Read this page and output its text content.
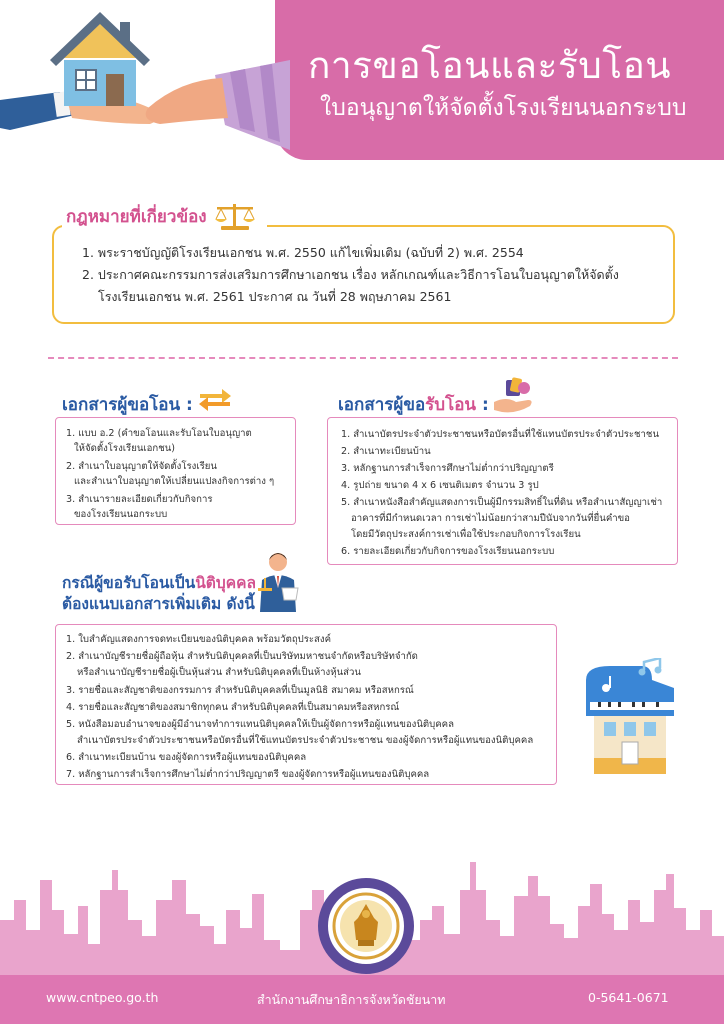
การขอโอนและรับโอน
ใบอนุญาตให้จัดตั้งโรงเรียนนอกระบบ
กฎหมายที่เกี่ยวข้อง
1. พระราชบัญญัติโรงเรียนเอกชน พ.ศ. 2550 แก้ไขเพิ่มเติม (ฉบับที่ 2) พ.ศ. 2554
2. ประกาศคณะกรรมการส่งเสริมการศึกษาเอกชน เรื่อง หลักเกณฑ์และวิธีการโอนใบอนุญาตให้จัดตั้ง
โรงเรียนเอกชน พ.ศ. 2561 ประกาศ ณ วันที่ 28 พฤษภาคม 2561
เอกสารผู้ขอโอน :
1. แบบ อ.2 (คำขอโอนและรับโอนใบอนุญาต
ให้จัดตั้งโรงเรียนเอกชน)
2. สำเนาใบอนุญาตให้จัดตั้งโรงเรียน
และสำเนาใบอนุญาตให้เปลี่ยนแปลงกิจการต่าง ๆ
3. สำเนารายละเอียดเกี่ยวกับกิจการ
ของโรงเรียนนอกระบบ
เอกสารผู้ขอรับโอน :
1. สำเนาบัตรประจำตัวประชาชนหรือบัตรอื่นที่ใช้แทนบัตรประจำตัวประชาชน
2. สำเนาทะเบียนบ้าน
3. หลักฐานการสำเร็จการศึกษาไม่ต่ำกว่าปริญญาตรี
4. รูปถ่าย ขนาด 4 x 6 เซนติเมตร จำนวน 3 รูป
5. สำเนาหนังสือสำคัญแสดงการเป็นผู้มีกรรมสิทธิ์ในที่ดิน หรือสำเนาสัญญาเช่า
อาคารที่มีกำหนดเวลา การเช่าไม่น้อยกว่าสามปีนับจากวันที่ยื่นคำขอ
โดยมีวัตถุประสงค์การเช่าเพื่อใช้ประกอบกิจการโรงเรียน
6. รายละเอียดเกี่ยวกับกิจการของโรงเรียนนอกระบบ
กรณีผู้ขอรับโอนเป็นนิติบุคคล
ต้องแนบเอกสารเพิ่มเติม ดังนี้
1. ใบสำคัญแสดงการจดทะเบียนของนิติบุคคล พร้อมวัตถุประสงค์
2. สำเนาบัญชีรายชื่อผู้ถือหุ้น สำหรับนิติบุคคลที่เป็นบริษัทมหาชนจำกัดหรือบริษัทจำกัด
หรือสำเนาบัญชีรายชื่อผู้เป็นหุ้นส่วน สำหรับนิติบุคคลที่เป็นห้างหุ้นส่วน
3. รายชื่อและสัญชาติของกรรมการ สำหรับนิติบุคคลที่เป็นมูลนิธิ สมาคม หรือสหกรณ์
4. รายชื่อและสัญชาติของสมาชิกทุกคน สำหรับนิติบุคคลที่เป็นสมาคมหรือสหกรณ์
5. หนังสือมอบอำนาจของผู้มีอำนาจทำการแทนนิติบุคคลให้เป็นผู้จัดการหรือผู้แทนของนิติบุคคล
สำเนาบัตรประจำตัวประชาชนหรือบัตรอื่นที่ใช้แทนบัตรประจำตัวประชาชน ของผู้จัดการหรือผู้แทนของนิติบุคคล
6. สำเนาทะเบียนบ้าน ของผู้จัดการหรือผู้แทนของนิติบุคคล
7. หลักฐานการสำเร็จการศึกษาไม่ต่ำกว่าปริญญาตรี ของผู้จัดการหรือผู้แทนของนิติบุคคล
www.cntpeo.go.th	สำนักงานศึกษาธิการจังหวัดชัยนาท	0-5641-0671
